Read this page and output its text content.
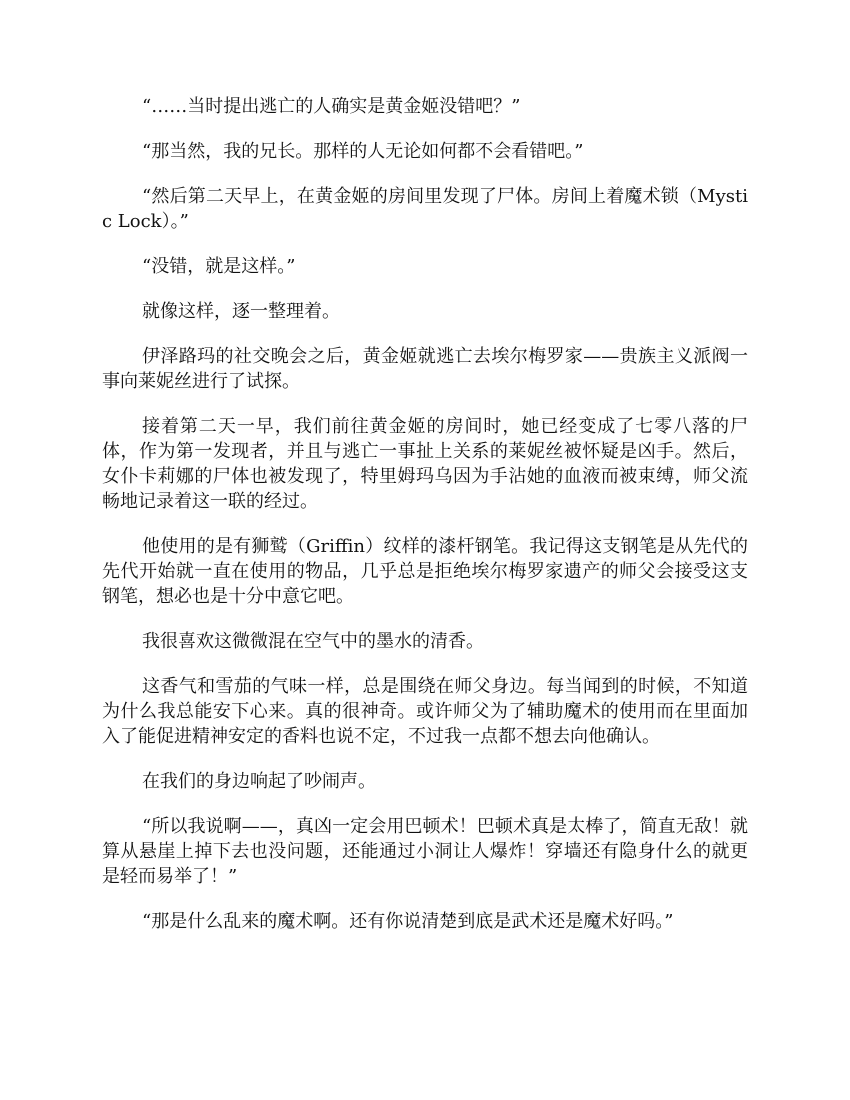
“……当时提出逃亡的人确实是黄金姬没错吧？”

“那当然，我的兄长。那样的人无论如何都不会看错吧。”

“然后第二天早上，在黄金姬的房间里发现了尸体。房间上着魔术锁（Mystic Lock）。”

“没错，就是这样。”

就像这样，逐一整理着。

伊泽路玛的社交晚会之后，黄金姬就逃亡去埃尔梅罗家——贵族主义派阀一事向莱妮丝进行了试探。

接着第二天一早，我们前往黄金姬的房间时，她已经变成了七零八落的尸体，作为第一发现者，并且与逃亡一事扯上关系的莱妮丝被怀疑是凶手。然后，女仆卡莉娜的尸体也被发现了，特里姆玛乌因为手沾她的血液而被束缚，师父流畅地记录着这一联的经过。

他使用的是有狮鹫（Griffin）纹样的漆杆钢笔。我记得这支钢笔是从先代的先代开始就一直在使用的物品，几乎总是拒绝埃尔梅罗家遗产的师父会接受这支钢笔，想必也是十分中意它吧。

我很喜欢这微微混在空气中的墨水的清香。

这香气和雪茄的气味一样，总是围绕在师父身边。每当闻到的时候，不知道为什么我总能安下心来。真的很神奇。或许师父为了辅助魔术的使用而在里面加入了能促进精神安定的香料也说不定，不过我一点都不想去向他确认。

在我们的身边响起了吵闹声。

“所以我说啊——，真凶一定会用巴顿术！巴顿术真是太棒了，简直无敌！就算从悬崖上掉下去也没问题，还能通过小洞让人爆炸！穿墙还有隐身什么的就更是轻而易举了！”

“那是什么乱来的魔术啊。还有你说清楚到底是武术还是魔术好吗。”
